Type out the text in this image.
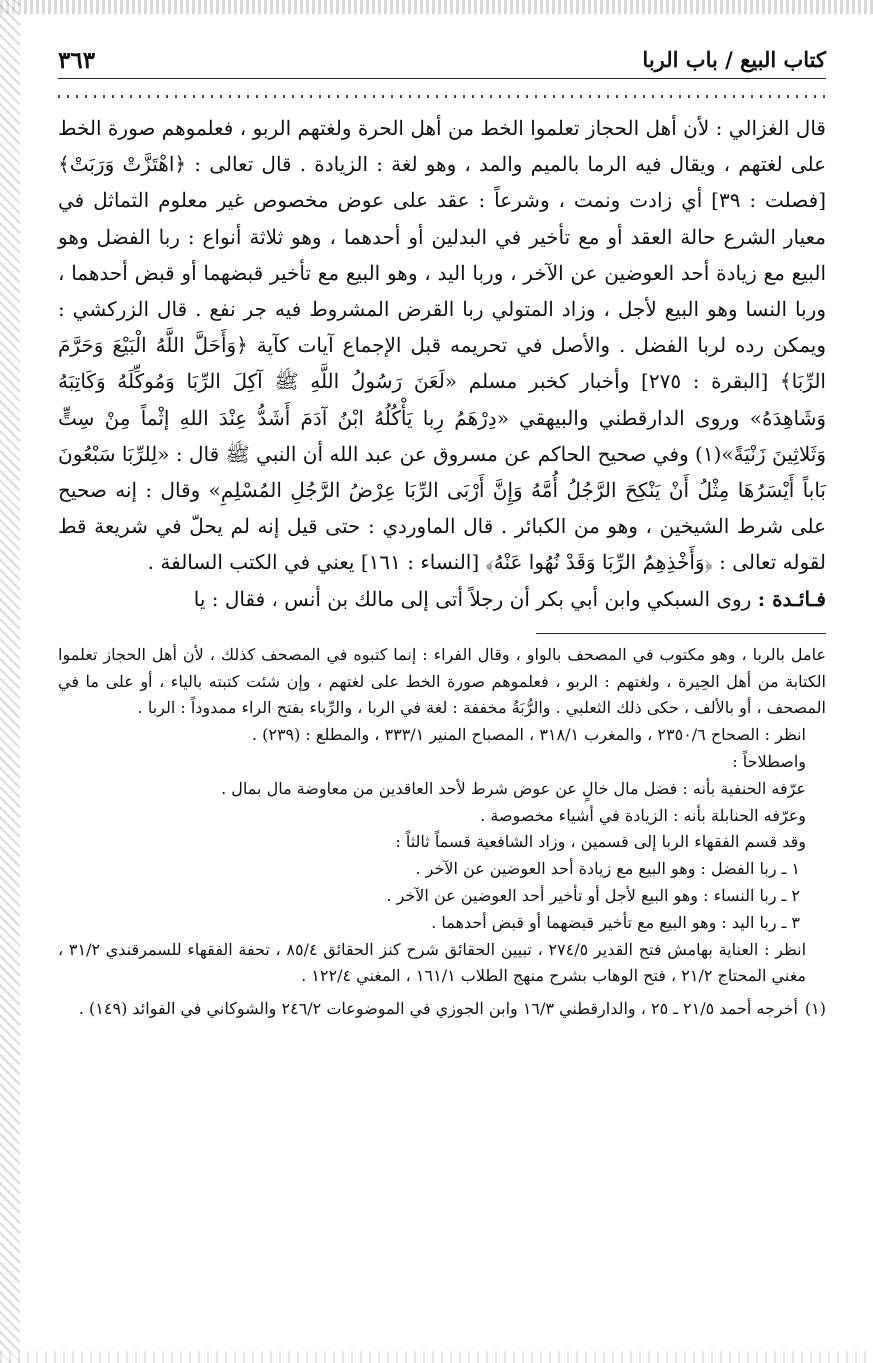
كتاب البيع / باب الربا
٣٦٣

قال الغزالي : لأن أهل الحجاز تعلموا الخط من أهل الحرة ولغتهم الربو ، فعلموهم صورة الخط على لغتهم ، ويقال فيه الرما بالميم والمد ، وهو لغة : الزيادة . قال تعالى : ﴿اهْتَزَّتْ وَرَبَتْ﴾ [فصلت : ٣٩] أي زادت ونمت ، وشرعاً : عقد على عوض مخصوص غير معلوم التماثل في معيار الشرع حالة العقد أو مع تأخير في البدلين أو أحدهما ، وهو ثلاثة أنواع : ربا الفضل وهو البيع مع زيادة أحد العوضين عن الآخر ، وربا اليد ، وهو البيع مع تأخير قبضهما أو قبض أحدهما ، وربا النسا وهو البيع لأجل ، وزاد المتولي ربا القرض المشروط فيه جر نفع . قال الزركشي : ويمكن رده لربا الفضل . والأصل في تحريمه قبل الإجماع آيات كآية ﴿وَأَحَلَّ اللَّهُ الْبَيْعَ وَحَرَّمَ الرِّبَا﴾ [البقرة : ٢٧٥] وأخبار كخبر مسلم «لَعَنَ رَسُولُ اللَّهِ ﷺ آكِلَ الرِّبَا وَمُوكِّلَهُ وَكَاتِبَهُ وَشَاهِدَهُ» وروى الدارقطني والبيهقي «دِرْهَمُ رِبا يَأْكُلُهُ ابْنُ آدَمَ أَشَدُّ عِنْدَ اللهِ إثْماً مِنْ سِتٍّ وَثَلاثِينَ زَنْيَةً»(١) وفي صحيح الحاكم عن مسروق عن عبد الله أن النبي ﷺ قال : «لِلرِّبَا سَبْعُونَ بَاباً أَيْسَرُهَا مِثْلُ أَنْ يَنْكِحَ الرَّجُلُ أُمَّهُ وَإِنَّ أَرْبَى الرِّبَا عِرْضُ الرَّجُلِ المُسْلِمِ» وقال : إنه صحيح على شرط الشيخين ، وهو من الكبائر . قال الماوردي : حتى قيل إنه لم يحلّ في شريعة قط لقوله تعالى : ﴿وَأَخْذِهِمُ الرِّبَا وَقَدْ نُهُوا عَنْهُ﴾ [النساء : ١٦١] يعني في الكتب السالفة .

فـائـدة : روى السبكي وابن أبي بكر أن رجلاً أتى إلى مالك بن أنس ، فقال : يا

عامل بالربا ، وهو مكتوب في المصحف بالواو ، وقال الفراء : إنما كتبوه في المصحف كذلك ، لأن أهل الحجاز تعلموا الكتابة من أهل الحِيرة ، ولغتهم : الربو ، فعلموهم صورة الخط على لغتهم ، وإن شئت كتبته بالياء ، أو على ما في المصحف ، أو بالألف ، حكى ذلك الثعلبي . والرُّبَةُ مخففة : لغة في الربا ، والرِّباء بفتح الراء ممدوداً : الربا .

انظر : الصحاح ٢٣٥٠/٦ ، والمغرب ٣١٨/١ ، المصباح المنير ٣٣٣/١ ، والمطلع : (٢٣٩) .

واصطلاحاً :

عرّفه الحنفية بأنه : فضل مال خالٍ عن عوض شرط لأحد العاقدين من معاوضة مال بمال .

وعرّفه الحنابلة بأنه : الزيادة في أشياء مخصوصة .

وقد قسم الفقهاء الربا إلى قسمين ، وزاد الشافعية قسماً ثالثاً :

١ ـ ربا الفضل : وهو البيع مع زيادة أحد العوضين عن الآخر .

٢ ـ ربا النساء : وهو البيع لأجل أو تأخير أحد العوضين عن الآخر .

٣ ـ ربا اليد : وهو البيع مع تأخير قبضهما أو قبض أحدهما .

انظر : العناية بهامش فتح القدير ٢٧٤/٥ ، تبيين الحقائق شرح كنز الحقائق ٨٥/٤ ، تحفة الفقهاء للسمرقندي ٣١/٢ ، مغني المحتاج ٢١/٢ ، فتح الوهاب بشرح منهج الطلاب ١٦١/١ ، المغني ١٢٢/٤ .

(١)
أخرجه أحمد ٢١/٥ ـ ٢٥ ، والدارقطني ١٦/٣ وابن الجوزي في الموضوعات ٢٤٦/٢ والشوكاني في الفوائد (١٤٩) .
